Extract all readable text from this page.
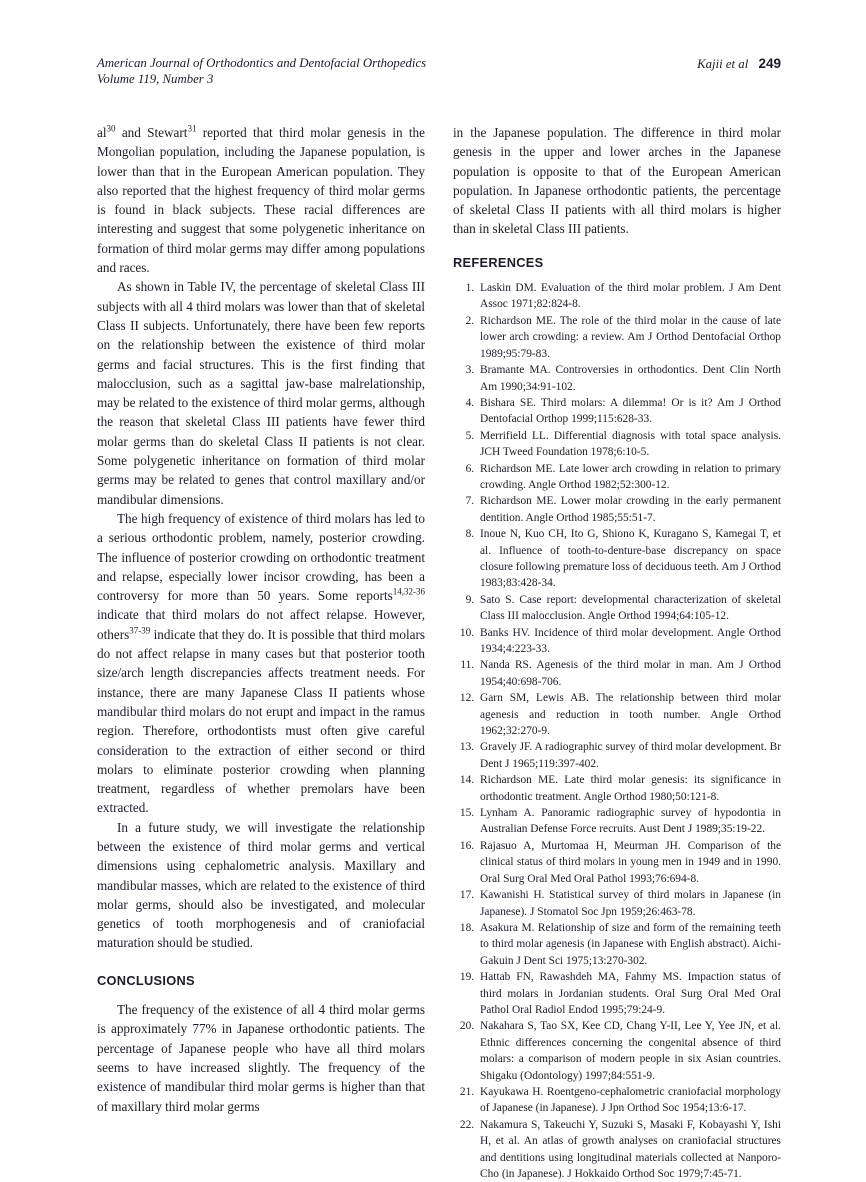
American Journal of Orthodontics and Dentofacial Orthopedics
Volume 119, Number 3
Kajii et al 249

$al^{30}$ and Stewart$^{31}$ reported that third molar genesis in the Mongolian population, including the Japanese population, is lower than that in the European American population. They also reported that the highest frequency of third molar germs is found in black subjects. These racial differences are interesting and suggest that some polygenetic inheritance on formation of third molar germs may differ among populations and races.

As shown in Table IV, the percentage of skeletal Class III subjects with all 4 third molars was lower than that of skeletal Class II subjects. Unfortunately, there have been few reports on the relationship between the existence of third molar germs and facial structures. This is the first finding that malocclusion, such as a sagittal jaw-base malrelationship, may be related to the existence of third molar germs, although the reason that skeletal Class III patients have fewer third molar germs than do skeletal Class II patients is not clear. Some polygenetic inheritance on formation of third molar germs may be related to genes that control maxillary and/or mandibular dimensions.

The high frequency of existence of third molars has led to a serious orthodontic problem, namely, posterior crowding. The influence of posterior crowding on orthodontic treatment and relapse, especially lower incisor crowding, has been a controversy for more than 50 years. Some reports$^{14,32-36}$ indicate that third molars do not affect relapse. However, others$^{37-39}$ indicate that they do. It is possible that third molars do not affect relapse in many cases but that posterior tooth size/arch length discrepancies affects treatment needs. For instance, there are many Japanese Class II patients whose mandibular third molars do not erupt and impact in the ramus region. Therefore, orthodontists must often give careful consideration to the extraction of either second or third molars to eliminate posterior crowding when planning treatment, regardless of whether premolars have been extracted.

In a future study, we will investigate the relationship between the existence of third molar germs and vertical dimensions using cephalometric analysis. Maxillary and mandibular masses, which are related to the existence of third molar germs, should also be investigated, and molecular genetics of tooth morphogenesis and of craniofacial maturation should be studied.

CONCLUSIONS

The frequency of the existence of all 4 third molar germs is approximately 77% in Japanese orthodontic patients. The percentage of Japanese people who have all third molars seems to have increased slightly. The frequency of the existence of mandibular third molar germs is higher than that of maxillary third molar germs

in the Japanese population. The difference in third molar genesis in the upper and lower arches in the Japanese population is opposite to that of the European American population. In Japanese orthodontic patients, the percentage of skeletal Class II patients with all third molars is higher than in skeletal Class III patients.

REFERENCES
1. Laskin DM. Evaluation of the third molar problem. J Am Dent Assoc 1971;82:824-8.
2. Richardson ME. The role of the third molar in the cause of late lower arch crowding: a review. Am J Orthod Dentofacial Orthop 1989;95:79-83.
3. Bramante MA. Controversies in orthodontics. Dent Clin North Am 1990;34:91-102.
4. Bishara SE. Third molars: A dilemma! Or is it? Am J Orthod Dentofacial Orthop 1999;115:628-33.
5. Merrifield LL. Differential diagnosis with total space analysis. JCH Tweed Foundation 1978;6:10-5.
6. Richardson ME. Late lower arch crowding in relation to primary crowding. Angle Orthod 1982;52:300-12.
7. Richardson ME. Lower molar crowding in the early permanent dentition. Angle Orthod 1985;55:51-7.
8. Inoue N, Kuo CH, Ito G, Shiono K, Kuragano S, Kamegai T, et al. Influence of tooth-to-denture-base discrepancy on space closure following premature loss of deciduous teeth. Am J Orthod 1983;83:428-34.
9. Sato S. Case report: developmental characterization of skeletal Class III malocclusion. Angle Orthod 1994;64:105-12.
10. Banks HV. Incidence of third molar development. Angle Orthod 1934;4:223-33.
11. Nanda RS. Agenesis of the third molar in man. Am J Orthod 1954;40:698-706.
12. Garn SM, Lewis AB. The relationship between third molar agenesis and reduction in tooth number. Angle Orthod 1962;32:270-9.
13. Gravely JF. A radiographic survey of third molar development. Br Dent J 1965;119:397-402.
14. Richardson ME. Late third molar genesis: its significance in orthodontic treatment. Angle Orthod 1980;50:121-8.
15. Lynham A. Panoramic radiographic survey of hypodontia in Australian Defense Force recruits. Aust Dent J 1989;35:19-22.
16. Rajasuo A, Murtomaa H, Meurman JH. Comparison of the clinical status of third molars in young men in 1949 and in 1990. Oral Surg Oral Med Oral Pathol 1993;76:694-8.
17. Kawanishi H. Statistical survey of third molars in Japanese (in Japanese). J Stomatol Soc Jpn 1959;26:463-78.
18. Asakura M. Relationship of size and form of the remaining teeth to third molar agenesis (in Japanese with English abstract). Aichi-Gakuin J Dent Sci 1975;13:270-302.
19. Hattab FN, Rawashdeh MA, Fahmy MS. Impaction status of third molars in Jordanian students. Oral Surg Oral Med Oral Pathol Oral Radiol Endod 1995;79:24-9.
20. Nakahara S, Tao SX, Kee CD, Chang Y-II, Lee Y, Yee JN, et al. Ethnic differences concerning the congenital absence of third molars: a comparison of modern people in six Asian countries. Shigaku (Odontology) 1997;84:551-9.
21. Kayukawa H. Roentgeno-cephalometric craniofacial morphology of Japanese (in Japanese). J Jpn Orthod Soc 1954;13:6-17.
22. Nakamura S, Takeuchi Y, Suzuki S, Masaki F, Kobayashi Y, Ishi H, et al. An atlas of growth analyses on craniofacial structures and dentitions using longitudinal materials collected at Nanporo-Cho (in Japanese). J Hokkaido Orthod Soc 1979;7:45-71.
